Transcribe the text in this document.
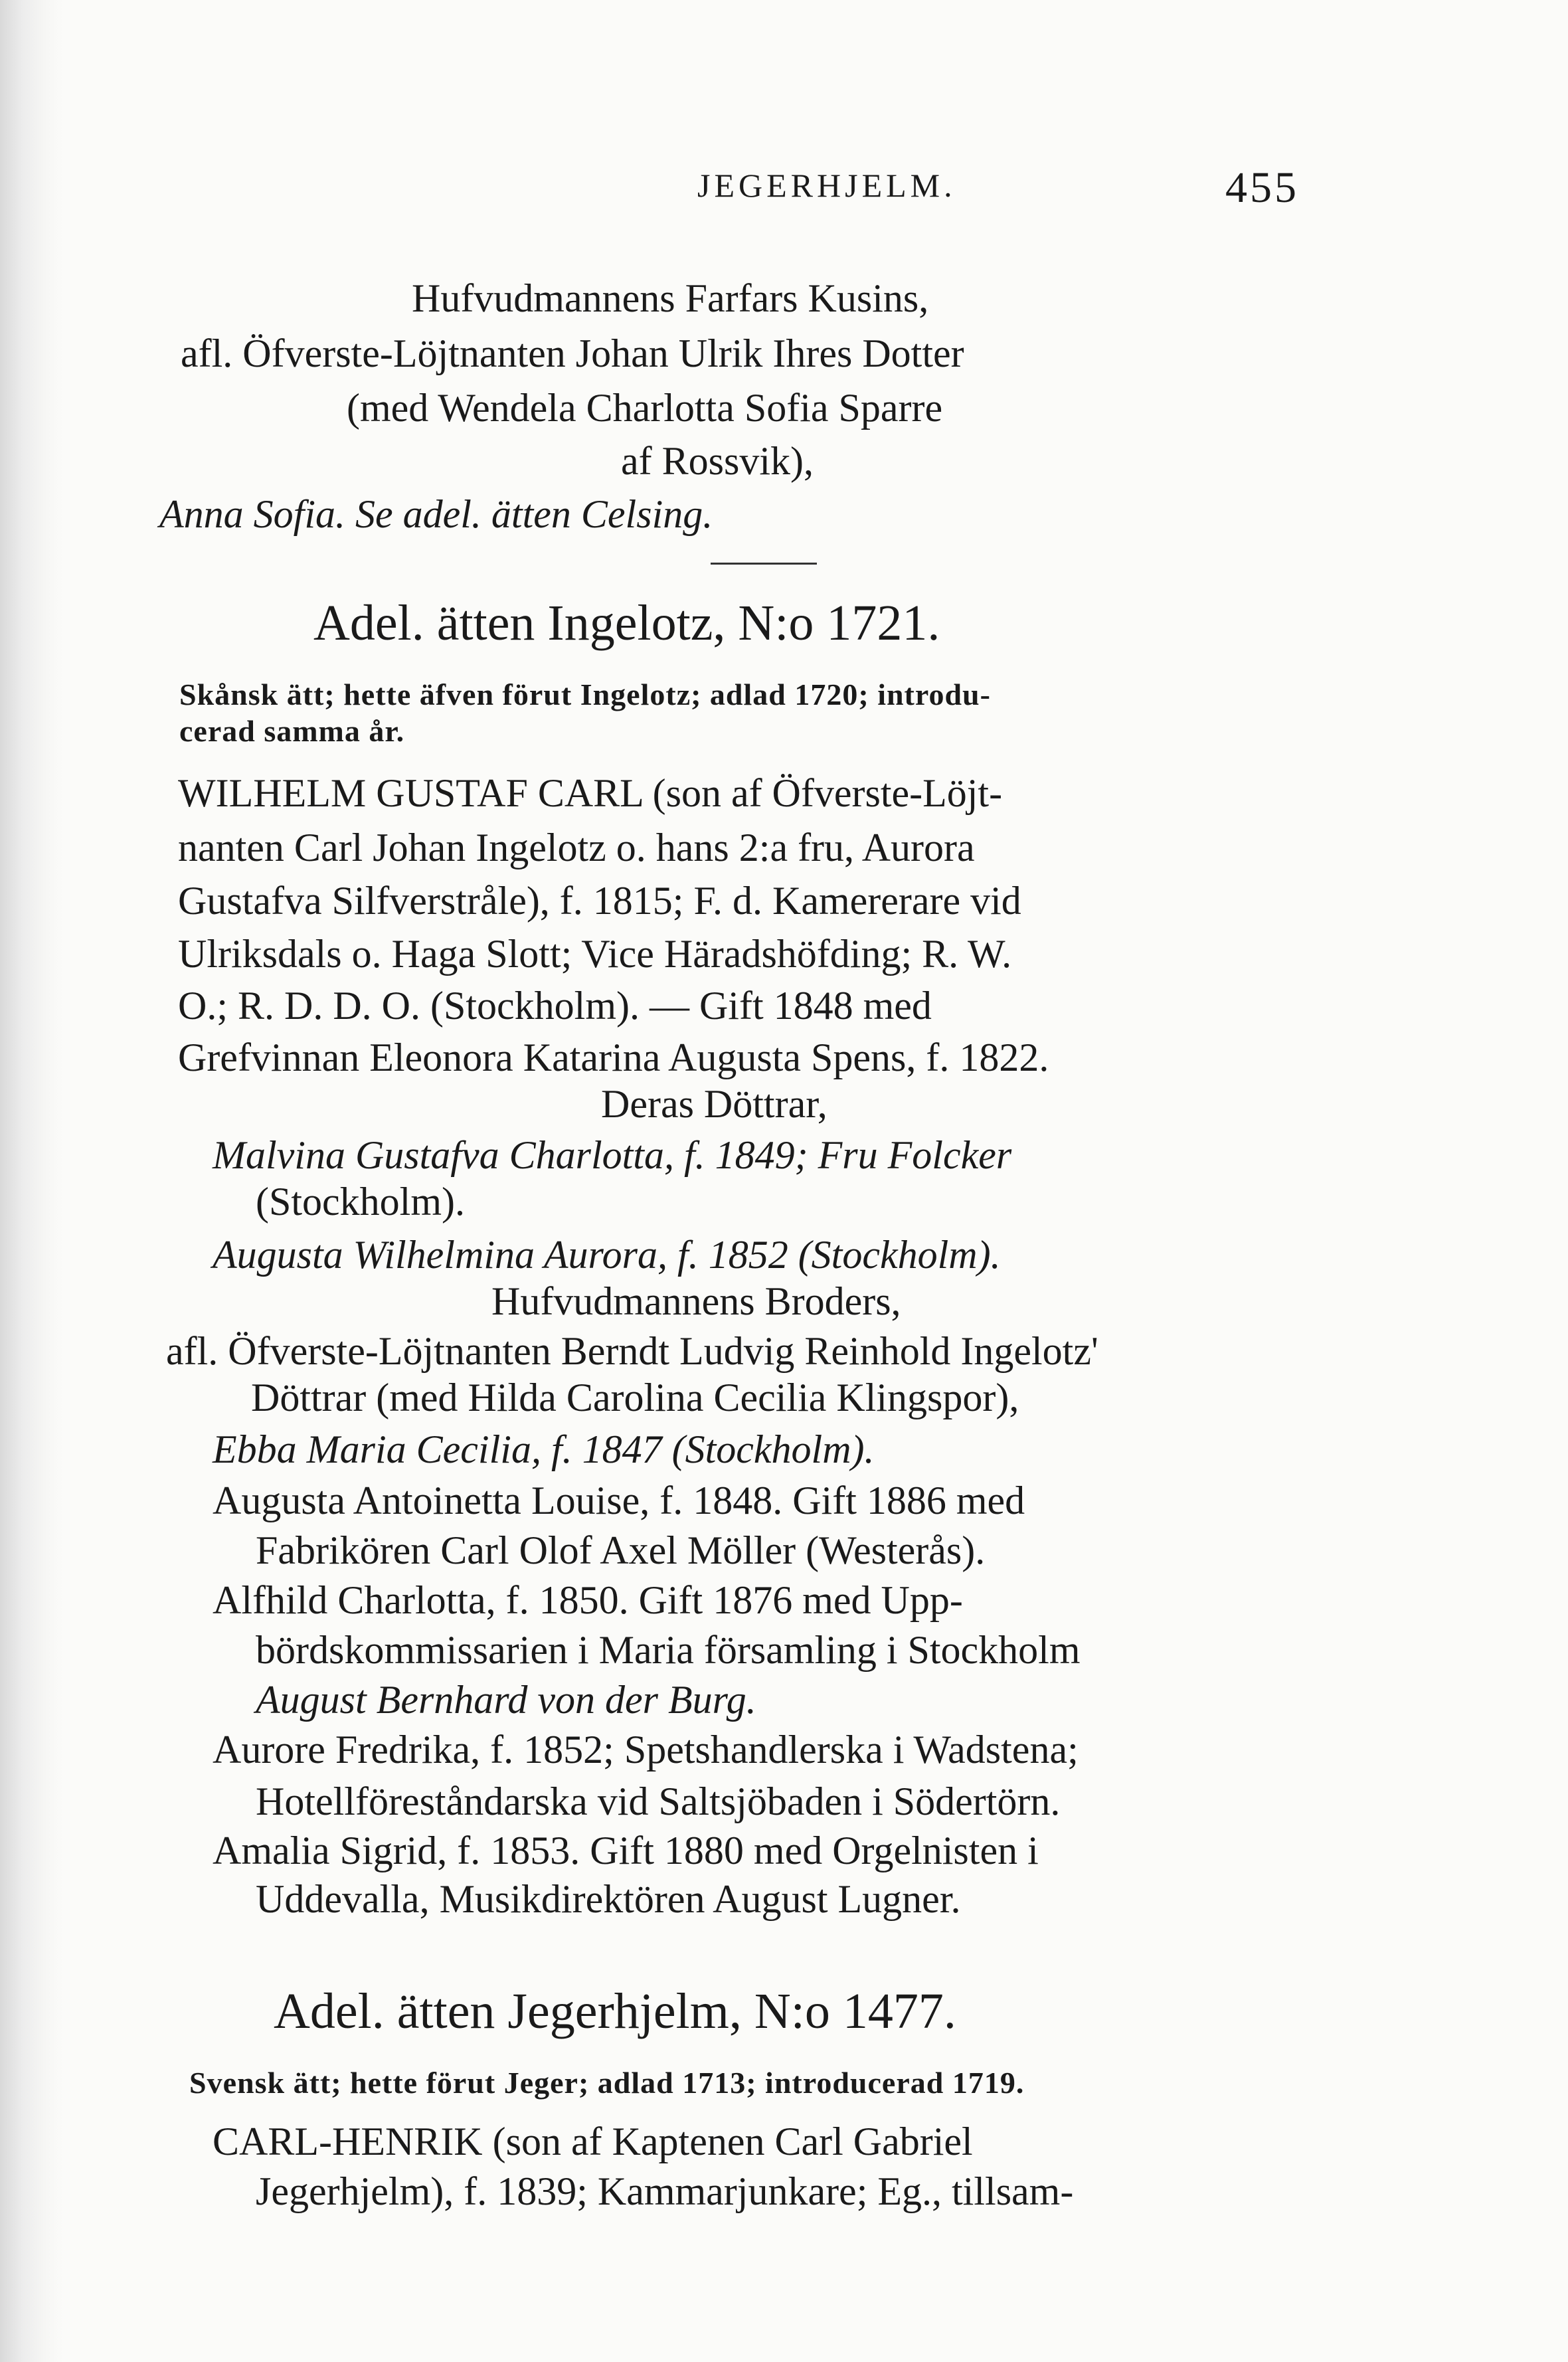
JEGERHJELM.	455
Hufvudmannens Farfars Kusins,
afl. Öfverste-Löjtnanten Johan Ulrik Ihres Dotter
(med Wendela Charlotta Sofia Sparre
af Rossvik),
Anna Sofia. Se adel. ätten Celsing.
Adel. ätten Ingelotz, N:o 1721.
Skånsk ätt; hette äfven förut Ingelotz; adlad 1720; introdu-
cerad samma år.
WILHELM GUSTAF CARL (son af Öfverste-Löjt-
nanten Carl Johan Ingelotz o. hans 2:a fru, Aurora
Gustafva Silfverstråle), f. 1815; F. d. Kamererare vid
Ulriksdals o. Haga Slott; Vice Häradshöfding; R. W.
O.; R. D. D. O. (Stockholm). — Gift 1848 med
Grefvinnan Eleonora Katarina Augusta Spens, f. 1822.
Deras Döttrar,
Malvina Gustafva Charlotta, f. 1849; Fru Folcker
(Stockholm).
Augusta Wilhelmina Aurora, f. 1852 (Stockholm).
Hufvudmannens Broders,
afl. Öfverste-Löjtnanten Berndt Ludvig Reinhold Ingelotz'
Döttrar (med Hilda Carolina Cecilia Klingspor),
Ebba Maria Cecilia, f. 1847 (Stockholm).
Augusta Antoinetta Louise, f. 1848. Gift 1886 med
Fabrikören Carl Olof Axel Möller (Westerås).
Alfhild Charlotta, f. 1850. Gift 1876 med Upp-
bördskommissarien i Maria församling i Stockholm
August Bernhard von der Burg.
Aurore Fredrika, f. 1852; Spetshandlerska i Wadstena;
Hotellföreståndarska vid Saltsjöbaden i Södertörn.
Amalia Sigrid, f. 1853. Gift 1880 med Orgelnisten i
Uddevalla, Musikdirektören August Lugner.
Adel. ätten Jegerhjelm, N:o 1477.
Svensk ätt; hette förut Jeger; adlad 1713; introducerad 1719.
CARL-HENRIK (son af Kaptenen Carl Gabriel
Jegerhjelm), f. 1839; Kammarjunkare; Eg., tillsam-
